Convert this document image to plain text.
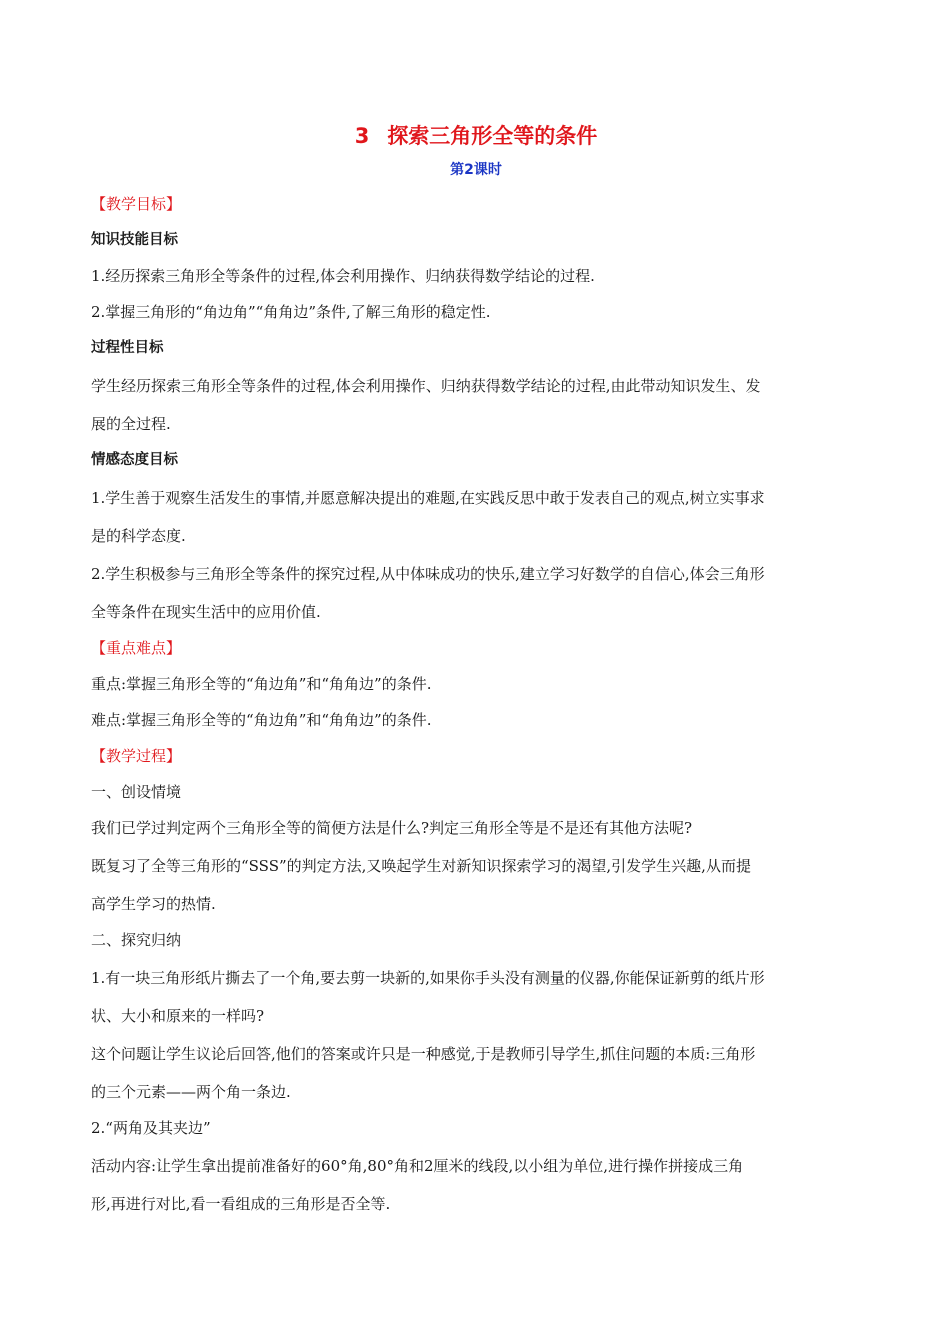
3 探索三角形全等的条件
第2课时
【教学目标】
知识技能目标
1.经历探索三角形全等条件的过程,体会利用操作、归纳获得数学结论的过程.
2.掌握三角形的“角边角”“角角边”条件,了解三角形的稳定性.
过程性目标
学生经历探索三角形全等条件的过程,体会利用操作、归纳获得数学结论的过程,由此带动知识发生、发
展的全过程.
情感态度目标
1.学生善于观察生活发生的事情,并愿意解决提出的难题,在实践反思中敢于发表自己的观点,树立实事求
是的科学态度.
2.学生积极参与三角形全等条件的探究过程,从中体味成功的快乐,建立学习好数学的自信心,体会三角形
全等条件在现实生活中的应用价值.
【重点难点】
重点:掌握三角形全等的“角边角”和“角角边”的条件.
难点:掌握三角形全等的“角边角”和“角角边”的条件.
【教学过程】
一、创设情境
我们已学过判定两个三角形全等的简便方法是什么?判定三角形全等是不是还有其他方法呢?
既复习了全等三角形的“SSS”的判定方法,又唤起学生对新知识探索学习的渴望,引发学生兴趣,从而提
高学生学习的热情.
二、探究归纳
1.有一块三角形纸片撕去了一个角,要去剪一块新的,如果你手头没有测量的仪器,你能保证新剪的纸片形
状、大小和原来的一样吗?
这个问题让学生议论后回答,他们的答案或许只是一种感觉,于是教师引导学生,抓住问题的本质:三角形
的三个元素——两个角一条边.
2.“两角及其夹边”
活动内容:让学生拿出提前准备好的60°角,80°角和2厘米的线段,以小组为单位,进行操作拼接成三角
形,再进行对比,看一看组成的三角形是否全等.
